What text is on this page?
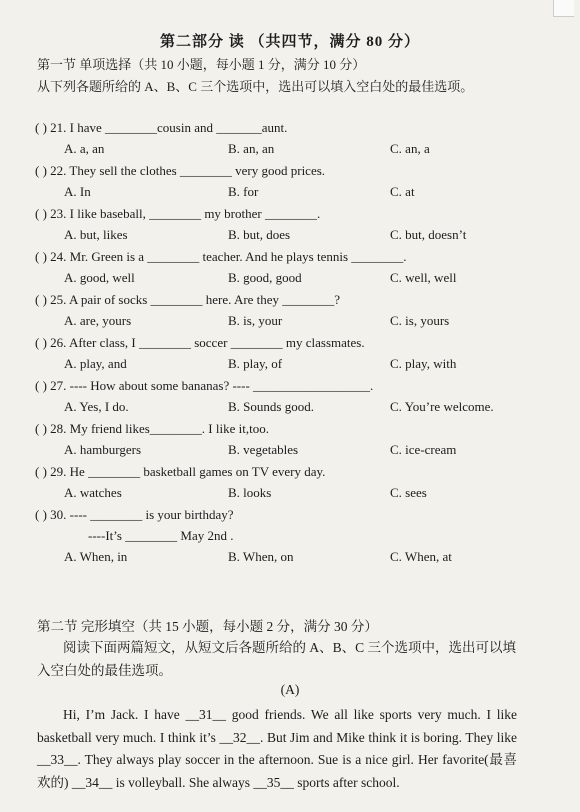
第二部分 读 （共四节，满分 80 分）
第一节 单项选择（共 10 小题，每小题 1 分，满分 10 分）
从下列各题所给的 A、B、C 三个选项中，选出可以填入空白处的最佳选项。
( ) 21. I have ________cousin and _______aunt.
A. a, an	B. an, an	C. an, a
( ) 22. They sell the clothes ________ very good prices.
A. In	B. for	C. at
( ) 23. I like baseball, ________ my brother ________.
A. but, likes	B. but, does	C. but, doesn’t
( ) 24. Mr. Green is a ________ teacher. And he plays tennis ________.
A. good, well	B. good, good	C. well, well
( ) 25. A pair of socks ________ here. Are they ________?
A. are, yours	B. is, your	C. is, yours
( ) 26. After class, I ________ soccer ________ my classmates.
A. play, and	B. play, of	C. play, with
( ) 27. ---- How about some bananas? ---- __________________.
A. Yes, I do.	B. Sounds good.	C. You’re welcome.
( ) 28. My friend likes________. I like it,too.
A. hamburgers	B. vegetables	C. ice-cream
( ) 29. He ________ basketball games on TV every day.
A. watches	B. looks	C. sees
( ) 30. ---- ________ is your birthday?
----It’s ________ May 2nd .
A. When, in	B. When, on	C. When, at
第二节 完形填空（共 15 小题，每小题 2 分，满分 30 分）
阅读下面两篇短文，从短文后各题所给的 A、B、C 三个选项中，选出可以填入空白处的最佳选项。
(A)
Hi, I’m Jack. I have __31__ good friends. We all like sports very much. I like basketball very much. I think it’s __32__. But Jim and Mike think it is boring. They like __33__. They always play soccer in the afternoon. Sue is a nice girl. Her favorite(最喜欢的) __34__ is volleyball. She always __35__ sports after school.
